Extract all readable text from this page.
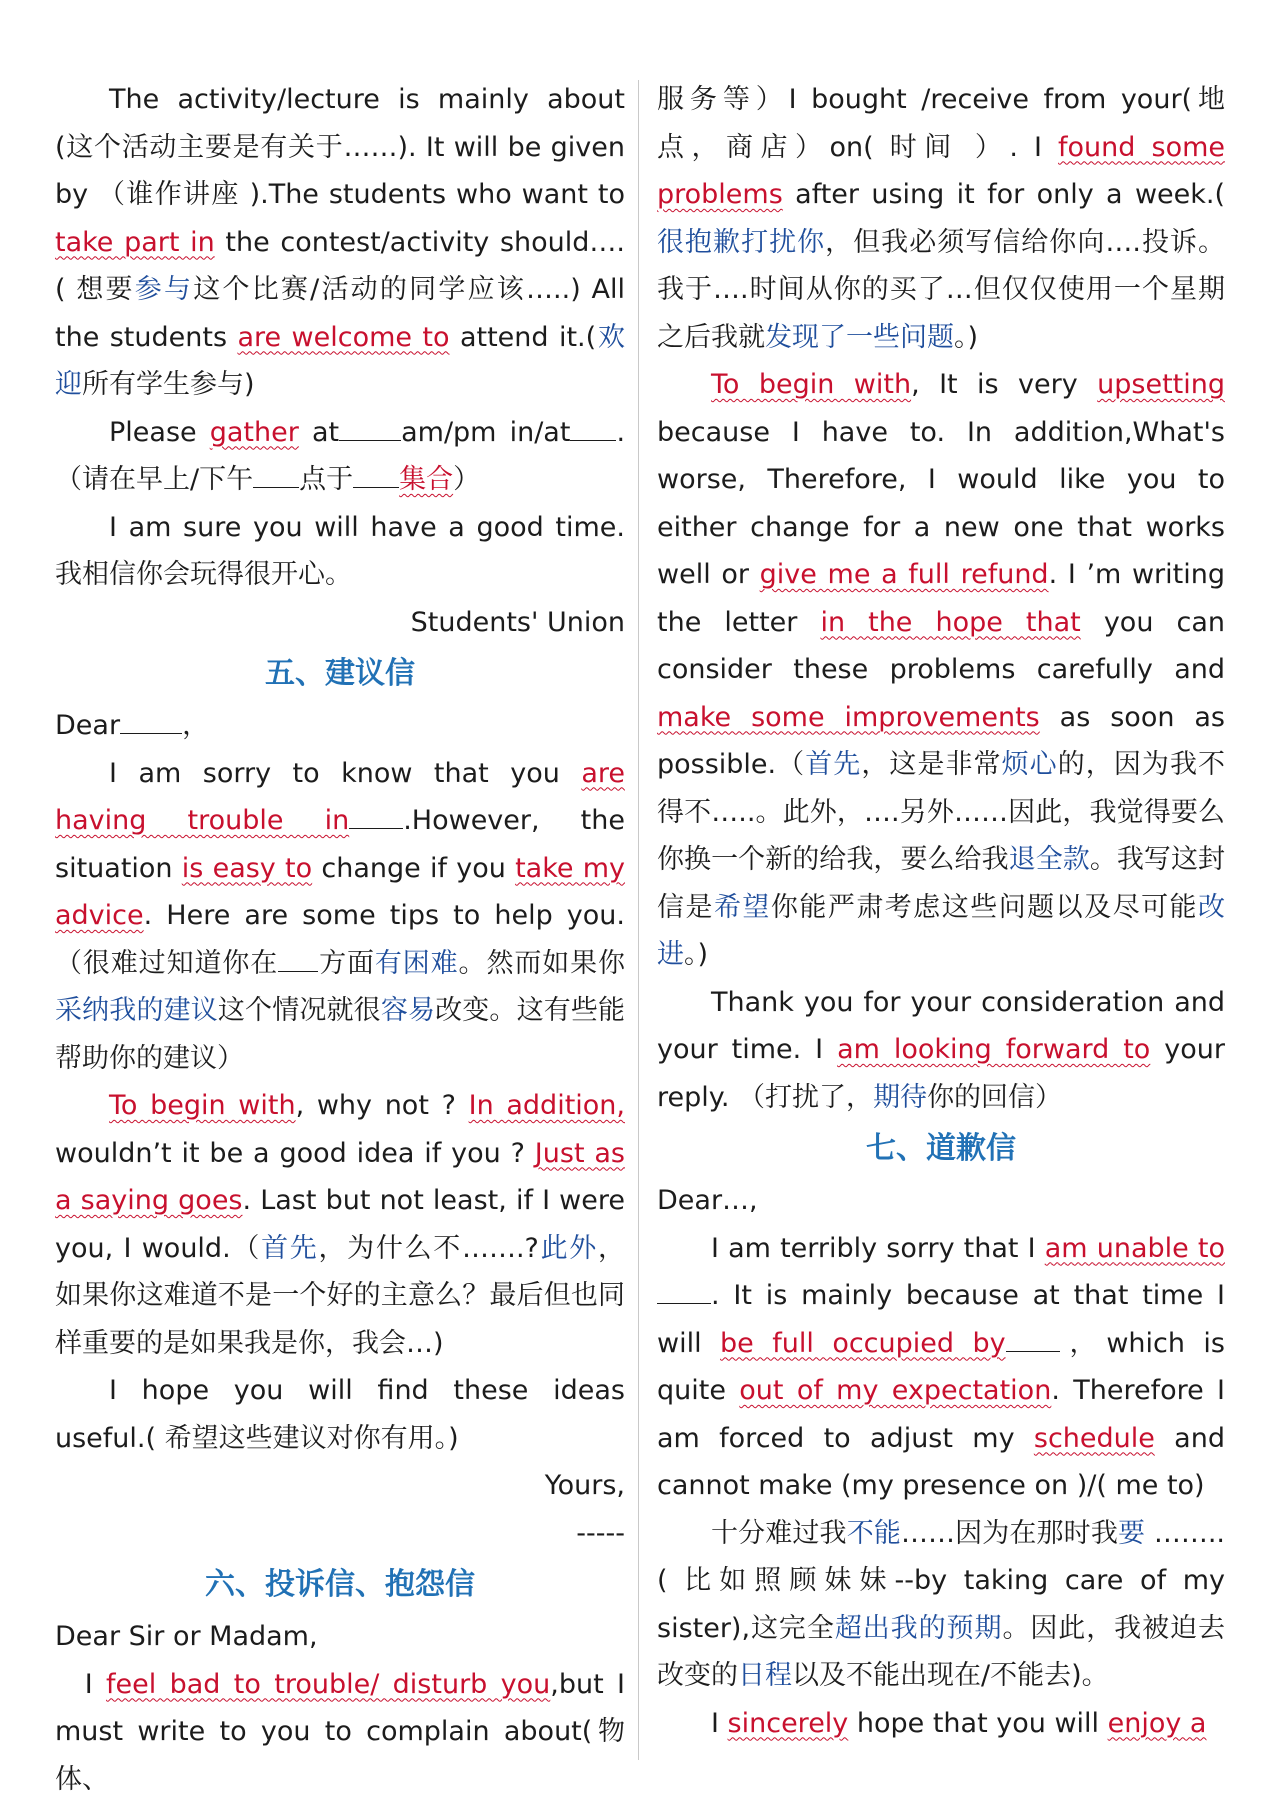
The activity/lecture is mainly about (这个活动主要是有关于……). It will be given by （谁作讲座 ).The students who want to take part in the contest/activity should…. ( 想要参与这个比赛/活动的同学应该…..) All the students are welcome to attend it.(欢迎所有学生参与)

Please gather at am/pm in/at .（请在早上/下午 点于 集合）

I am sure you will have a good time. 我相信你会玩得很开心。

Students' Union

五、建议信

Dear ，

I am sorry to know that you are having trouble in .However, the situation is easy to change if you take my advice. Here are some tips to help you.（很难过知道你在 方面有困难。然而如果你采纳我的建议这个情况就很容易改变。这有些能帮助你的建议）

To begin with, why not ? In addition, wouldn’t it be a good idea if you ? Just as a saying goes. Last but not least, if I were you, I would.（首先，为什么不…….?此外，如果你这难道不是一个好的主意么？最后但也同样重要的是如果我是你，我会…)

I hope you will find these ideas useful.( 希望这些建议对你有用。)

Yours,

-----

六、投诉信、抱怨信

Dear Sir or Madam,

I feel bad to trouble/ disturb you,but I must write to you to complain about(物体、

服务等）I bought /receive from your(地点，商店）on( 时间 ）. I found some problems after using it for only a week.( 很抱歉打扰你，但我必须写信给你向….投诉。我于….时间从你的买了…但仅仅使用一个星期之后我就发现了一些问题。)

To begin with, It is very upsetting because I have to. In addition,What's worse, Therefore, I would like you to either change for a new one that works well or give me a full refund. I ’m writing the letter in the hope that you can consider these problems carefully and make some improvements as soon as possible.（首先，这是非常烦心的，因为我不得不…..。此外，….另外……因此，我觉得要么你换一个新的给我，要么给我退全款。我写这封信是希望你能严肃考虑这些问题以及尽可能改进。)

Thank you for your consideration and your time. I am looking forward to your reply. （打扰了，期待你的回信）

七、道歉信

Dear…,

I am terribly sorry that I am unable to. It is mainly because at that time I will be full occupied by ，which is quite out of my expectation. Therefore I am forced to adjust my schedule and cannot make (my presence on )/( me to)

十分难过我不能……因为在那时我要 ……..( 比如照顾妹妹--by taking care of my sister),这完全超出我的预期。因此，我被迫去改变的日程以及不能出现在/不能去)。

I sincerely hope that you will enjoy a
